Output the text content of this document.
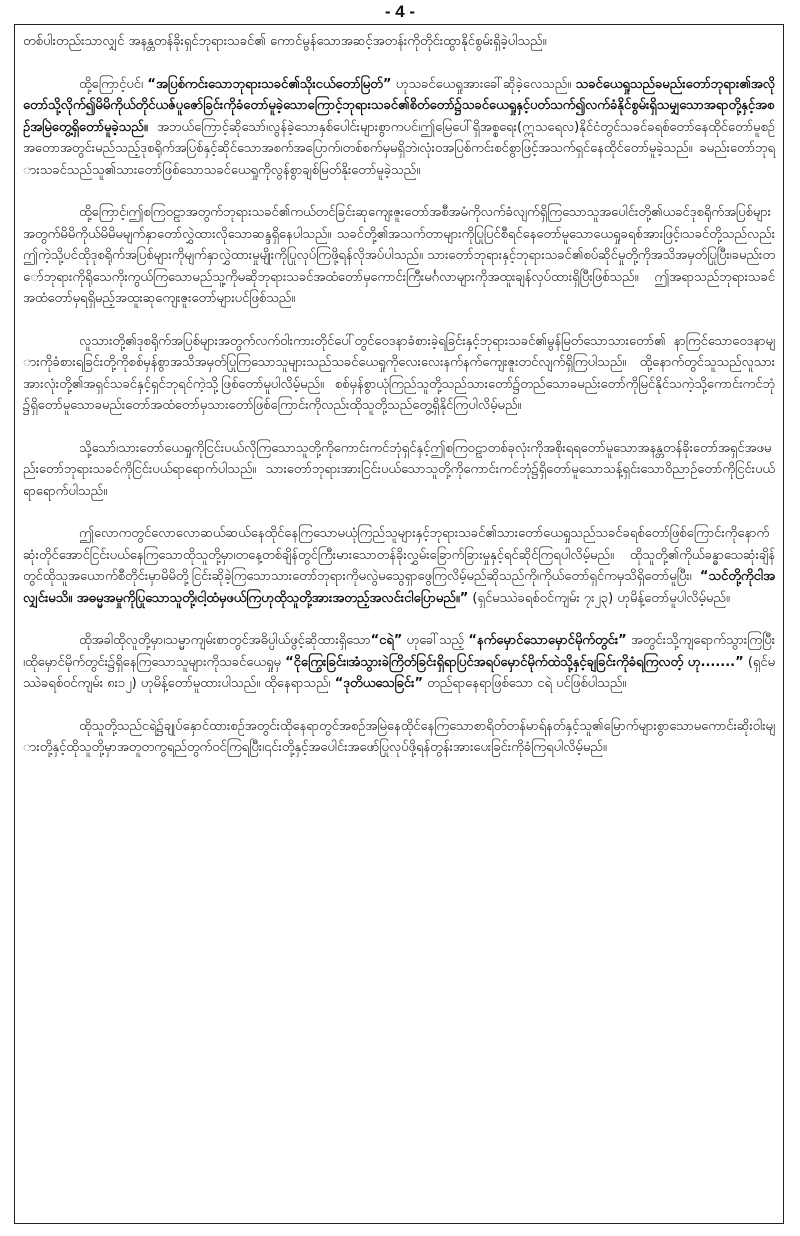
- 4 -

တစ်ပါးတည်းသာလျှင် အနန္တတန်ခိုးရှင်ဘုရားသခင်၏ ကောင်မွန်သောအဆင့်အတန်းကိုတိုင်းထွာနိုင်စွမ်းရှိခဲ့ပါသည်။

ထို့ကြောင့်ပင်၊ “အပြစ်ကင်းသောဘုရားသခင်၏သိုးငယ်တော်မြတ်” ဟုသခင်ယေရှုအားခေါ်ဆိုခဲ့လေသည်။ သခင်ယေရှုသည်ခမည်းတော်ဘုရား၏အလိုတော်သို့လိုက်၍မိမိကိုယ်တိုင်ယဇ်ပူဇော်ခြင်းကိုခံတော်မူခဲ့သောကြောင့်ဘုရားသခင်၏စိတ်တော်၌သခင်ယေရှုနှင့်ပတ်သက်၍လက်ခံနိုင်စွမ်းရှိသမျှသောအရာတို့နှင့်အစဉ်အမြဲတွေ့ရှိတော်မူခဲ့သည်။ အဘယ်ကြောင့်ဆိုသော်၊လွန်ခဲ့သောနှစ်ပေါင်းများစွာကပင်၊ဤမြေပေါ်ရှိအစ္စရေး(ဣသရေလ)နိုင်ငံတွင်သခင်ခရစ်တော်နေထိုင်တော်မူစဉ်အတောအတွင်းမည်သည့်ဒုစရိုက်အပြစ်နှင့်ဆိုင်သောအစက်အပြောက်၊တစ်စက်မှမရှိဘဲ၊လုံးဝအပြစ်ကင်းစင်စွာဖြင့်အသက်ရှင်နေထိုင်တော်မူခဲ့သည်။ ခမည်းတော်ဘုရားသခင်သည်သူ၏သားတော်ဖြစ်သောသခင်ယေရှုကိုလွန်စွာချစ်မြတ်နိုးတော်မူခဲ့သည်။

ထို့ကြောင့်၊ဤစကြဝဠာအတွက်ဘုရားသခင်၏ကယ်တင်ခြင်းဆုကျေးဇူးတော်အစီအမံကိုလက်ခံလျက်ရှိကြသောသူအပေါင်းတို့၏ယခင်ဒုစရိုက်အပြစ်များအတွက်မိမိကိုယ်မိမိမမျက်နှာတော်လွှဲထားလိုသောဆန္ဒရှိနေပါသည်။ သခင်တို့၏အသက်တာများကိုပြုပြင်စီရင်နေတော်မူသောယေရှုခရစ်အားဖြင့်၊သခင်တို့သည်လည်းဤကဲ့သို့ပင်ထိုဒုစရိုက်အပြစ်များကိုမျက်နှာလွှဲထားမှုမျိုးကိုပြုလုပ်ကြဖို့ရန်လိုအပ်ပါသည်။ သားတော်ဘုရားနှင့်ဘုရားသခင်၏စပ်ဆိုင်မှုတို့ကိုအသိအမှတ်ပြုပြီး၊ခမည်းတော်ဘုရားကိုရိုသေကိုးကွယ်ကြသောမည်သူ့ကိုမဆိုဘုရားသခင်အထံတော်မှကောင်းကြီးမင်္ဂလာများကိုအထူးချန်လှပ်ထားရှိပြီးဖြစ်သည်။ ဤအရာသည်ဘုရားသခင်အထံတော်မှရရှိမည့်အထူးဆုကျေးဇူးတော်များပင်ဖြစ်သည်။

လူသားတို့၏ဒုစရိုက်အပြစ်များအတွက်လက်ဝါးကားတိုင်ပေါ်တွင်ဝေဒနာခံစားခဲ့ရခြင်းနှင့်ဘုရားသခင်၏မွန်မြတ်သောသားတော်၏ နာကြင်သောဝေဒနာများကိုခံစားရခြင်းတို့ကိုစစ်မှန်စွာအသိအမှတ်ပြုကြသောသူများသည်သခင်ယေရှုကိုလေးလေးနက်နက်ကျေးဇူးတင်လျက်ရှိကြပါသည်။ ထို့နောက်တွင်သူသည်လူသားအားလုံးတို့၏အရှင်သခင်နှင့်ရှင်ဘုရင်ကဲ့သို့ဖြစ်တော်မူပါလိမ့်မည်။ စစ်မှန်စွာယုံကြည်သူတို့သည်သားတော်၌တည်သောခမည်းတော်ကိုမြင်နိုင်သကဲ့သို့ကောင်းကင်ဘုံ၌ရှိတော်မူသောခမည်းတော်အထံတော်မှသားတော်ဖြစ်ကြောင်းကိုလည်းထိုသူတို့သည်တွေ့ရှိနိုင်ကြပါလိမ့်မည်။

သို့သော်၊သားတော်ယေရှုကိုငြင်းပယ်လိုကြသောသူတို့ကိုကောင်းကင်ဘုံရှင်နှင့်ဤစကြဝဠာတစ်ခုလုံးကိုအစိုးရရတော်မူသောအနန္တတန်ခိုးတော်အရှင်အဖမည်းတော်ဘုရားသခင်ကိုငြင်းပယ်ရာရောက်ပါသည်။ သားတော်ဘုရားအားငြင်းပယ်သောသူတို့ကိုကောင်းကင်ဘုံ၌ရှိတော်မူသောသန့်ရှင်းသောဝိညာဉ်တော်ကိုငြင်းပယ်ရာရောက်ပါသည်။

ဤလောကတွင်လောလောဆယ်ဆယ်နေထိုင်နေကြသောမယုံကြည်သူများနှင့်ဘုရားသခင်၏သားတော်ယေရှုသည်သခင်ခရစ်တော်ဖြစ်ကြောင်းကိုနောက်ဆုံးတိုင်အောင်ငြင်းပယ်နေကြသောထိုသူတို့မှာ၊တနေ့တစ်ချိန်တွင်ကြီးမားသောတန်ခိုးလွှမ်းခြောက်ခြားမှုနှင့်ရင်ဆိုင်ကြရပါလိမ့်မည်။ ထိုသူတို့၏ကိုယ်ခန္ဓာသေဆုံးချိန်တွင်ထိုသူအယောက်စီတိုင်းမှာမိမိတို့ငြင်းဆိုခဲ့ကြသောသားတော်ဘုရားကိုမလွဲမသွေရှာဖွေကြလိမ့်မည်ဆိုသည်ကို၊ကိုယ်တော်ရှင်ကမှသိရှိတော်မူပြီး၊ “သင်တို့ကိုငါအလျှင်းမသိ။ အဓမ္မအမှုကိုပြုသောသူတို့၊ငါ့ထံမှဖယ်ကြဟုထိုသူတို့အားအတည့်အလင်းငါပြောမည်။” (ရှင်မဿဲခရစ်ဝင်ကျမ်း ၇း၂၃) ဟုမိန့်တော်မူပါလိမ့်မည်။

ထိုအခါထိုလူတို့မှာ၊သမ္မာကျမ်းစာတွင်အဓိပ္ပါယ်ဖွင့်ဆိုထားရှိသော“ငရဲ” ဟုခေါ်သည့် “နက်မှောင်သောမှောင်မိုက်တွင်း” အတွင်းသို့ကျရောက်သွားကြပြီး၊ထိုမှောင်မိုက်တွင်း၌ရှိနေကြသောသူများကိုသခင်ယေရှုမှ “ငိုကြွေးခြင်း၊အံသွားခဲကြိတ်ခြင်းရှိရာပြင်အရပ်မှောင်မိုက်ထဲသို့နှင့်ချခြင်းကိုခံရကြလတ့် ဟု.......” (ရှင်မဿဲခရစ်ဝင်ကျမ်း ၈း၁၂) ဟုမိန့်တော်မူထားပါသည်။ ထိုနေရာသည်၊ “ဒုတိယသေခြင်း” တည်ရာနေရာဖြစ်သော ငရဲ ပင်ဖြစ်ပါသည်။

ထိုသူတို့သည်ငရဲ၌ချုပ်နှောင်ထားစဉ်အတွင်းထိုနေရာတွင်အစဉ်အမြဲနေထိုင်နေကြသောစာရိတ်တန်မာရ်နတ်နှင့်သူ၏မြောက်များစွာသောမကောင်းဆိုးဝါးများတို့နှင့်ထိုသူတို့မှာအတူတကွရည်တွက်ဝင်ကြရပြီး၊၎င်းတို့နှင့်အပေါင်းအဖော်ပြုလုပ်ဖို့ရန်တွန်းအားပေးခြင်းကိုခံကြရပါလိမ့်မည်။
